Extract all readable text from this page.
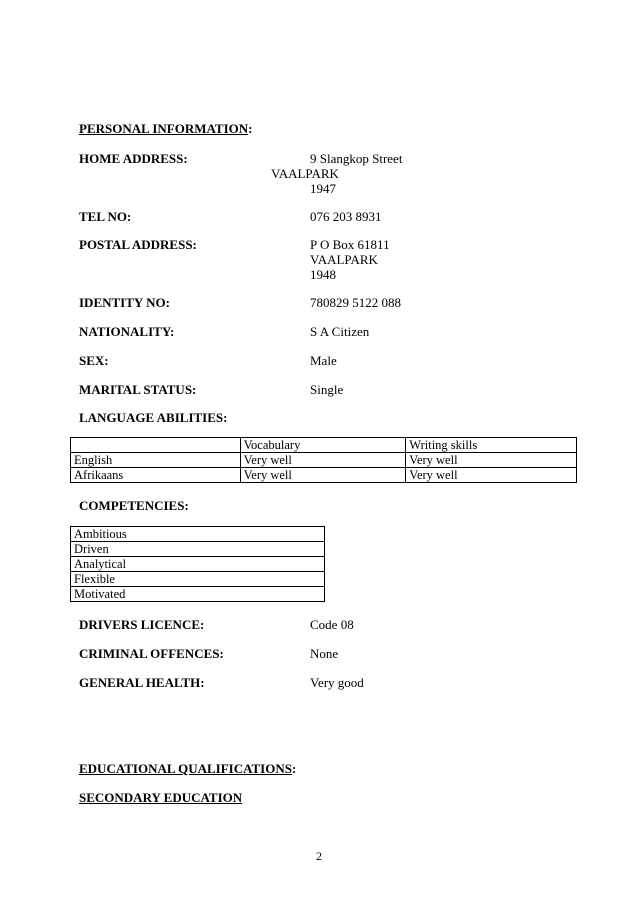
PERSONAL INFORMATION:
HOME ADDRESS:	9 Slangkop Street
VAALPARK
1947
TEL NO:	076 203 8931
POSTAL ADDRESS:	P O Box 61811
VAALPARK
1948
IDENTITY NO:	780829 5122 088
NATIONALITY:	S A Citizen
SEX:	Male
MARITAL STATUS:	Single
LANGUAGE ABILITIES:
	Vocabulary	Writing skills
English	Very well	Very well
Afrikaans	Very well	Very well
COMPETENCIES:
Ambitious
Driven
Analytical
Flexible
Motivated
DRIVERS LICENCE:	Code 08
CRIMINAL OFFENCES:	None
GENERAL HEALTH:	Very good
EDUCATIONAL QUALIFICATIONS:
SECONDARY EDUCATION
2
